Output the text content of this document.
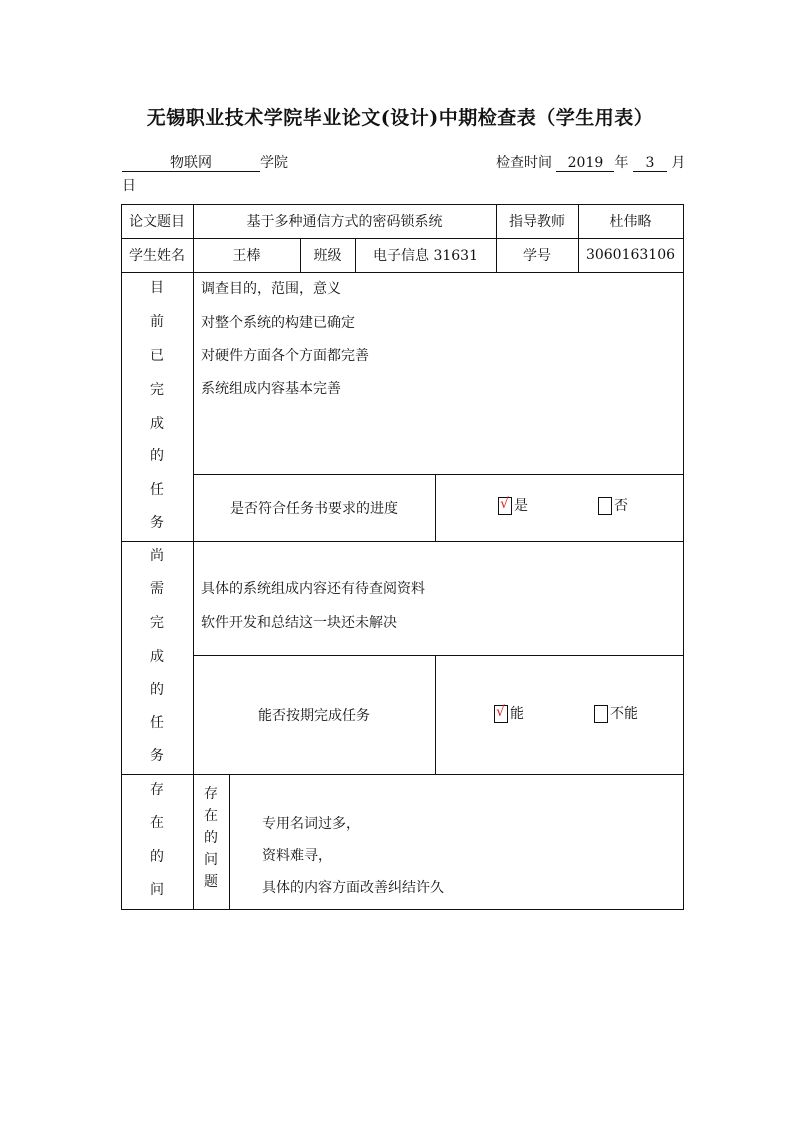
无锡职业技术学院毕业论文(设计)中期检查表（学生用表）
物联网	学院	检查时间 2019 年 3 月
日
论文题目	基于多种通信方式的密码锁系统	指导教师	杜伟略
学生姓名	王棒	班级	电子信息 31631	学号	3060163106
目
前
已
完
成
的
任
务
调查目的，范围，意义
对整个系统的构建已确定
对硬件方面各个方面都完善
系统组成内容基本完善
是否符合任务书要求的进度	√ 是	否
尚
需
完
成
的
任
务
具体的系统组成内容还有待查阅资料
软件开发和总结这一块还未解决
能否按期完成任务	√ 能	不能
存
在
的
问
存
在
的
问
题
专用名词过多，
资料难寻，
具体的内容方面改善纠结许久
